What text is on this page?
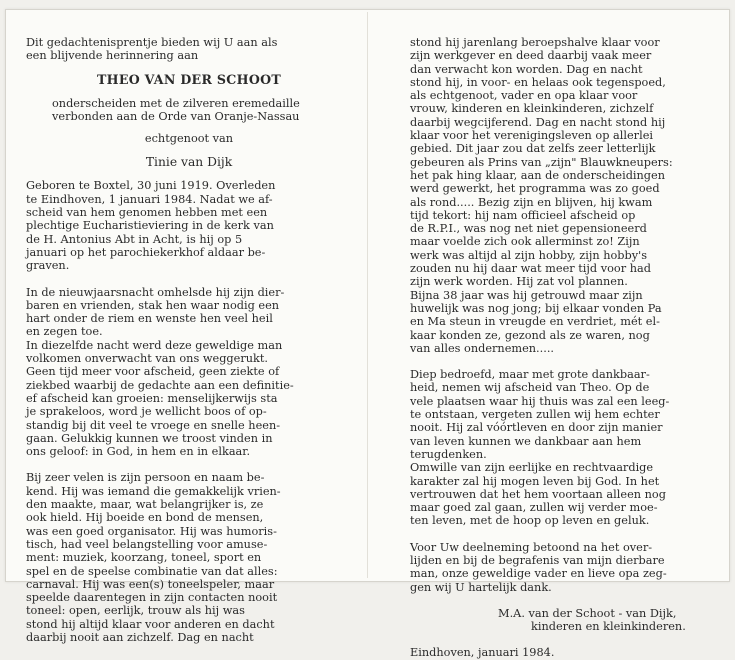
Dit gedachtenisprentje bieden wij U aan als
een blijvende herinnering aan
THEO VAN DER SCHOOT
onderscheiden met de zilveren eremedaille
verbonden aan de Orde van Oranje-Nassau
echtgenoot van
Tinie van Dijk
Geboren te Boxtel, 30 juni 1919. Overleden
te Eindhoven, 1 januari 1984. Nadat we af-
scheid van hem genomen hebben met een
plechtige Eucharistieviering in de kerk van
de H. Antonius Abt in Acht, is hij op 5
januari op het parochiekerkhof aldaar be-
graven.
In de nieuwjaarsnacht omhelsde hij zijn dier-
baren en vrienden, stak hen waar nodig een
hart onder de riem en wenste hen veel heil
en zegen toe.
In diezelfde nacht werd deze geweldige man
volkomen onverwacht van ons weggerukt.
Geen tijd meer voor afscheid, geen ziekte of
ziekbed waarbij de gedachte aan een definitie-
ef afscheid kan groeien: menselijkerwijs sta
je sprakeloos, word je wellicht boos of op-
standig bij dit veel te vroege en snelle heen-
gaan. Gelukkig kunnen we troost vinden in
ons geloof: in God, in hem en in elkaar.
Bij zeer velen is zijn persoon en naam be-
kend. Hij was iemand die gemakkelijk vrien-
den maakte, maar, wat belangrijker is, ze
ook hield. Hij boeide en bond de mensen,
was een goed organisator. Hij was humoris-
tisch, had veel belangstelling voor amuse-
ment: muziek, koorzang, toneel, sport en
spel en de speelse combinatie van dat alles:
carnaval. Hij was een(s) toneelspeler, maar
speelde daarentegen in zijn contacten nooit
toneel: open, eerlijk, trouw als hij was
stond hij altijd klaar voor anderen en dacht
daarbij nooit aan zichzelf. Dag en nacht
stond hij jarenlang beroepshalve klaar voor
zijn werkgever en deed daarbij vaak meer
dan verwacht kon worden. Dag en nacht
stond hij, in voor- en helaas ook tegenspoed,
als echtgenoot, vader en opa klaar voor
vrouw, kinderen en kleinkinderen, zichzelf
daarbij wegcijferend. Dag en nacht stond hij
klaar voor het verenigingsleven op allerlei
gebied. Dit jaar zou dat zelfs zeer letterlijk
gebeuren als Prins van „zijn" Blauwkneupers:
het pak hing klaar, aan de onderscheidingen
werd gewerkt, het programma was zo goed
als rond..... Bezig zijn en blijven, hij kwam
tijd tekort: hij nam officieel afscheid op
de R.P.I., was nog net niet gepensioneerd
maar voelde zich ook allerminst zo! Zijn
werk was altijd al zijn hobby, zijn hobby's
zouden nu hij daar wat meer tijd voor had
zijn werk worden. Hij zat vol plannen.
Bijna 38 jaar was hij getrouwd maar zijn
huwelijk was nog jong; bij elkaar vonden Pa
en Ma steun in vreugde en verdriet, mét el-
kaar konden ze, gezond als ze waren, nog
van alles ondernemen.....
Diep bedroefd, maar met grote dankbaar-
heid, nemen wij afscheid van Theo. Op de
vele plaatsen waar hij thuis was zal een leeg-
te ontstaan, vergeten zullen wij hem echter
nooit. Hij zal vóórtleven en door zijn manier
van leven kunnen we dankbaar aan hem
terugdenken.
Omwille van zijn eerlijke en rechtvaardige
karakter zal hij mogen leven bij God. In het
vertrouwen dat het hem voortaan alleen nog
maar goed zal gaan, zullen wij verder moe-
ten leven, met de hoop op leven en geluk.
Voor Uw deelneming betoond na het over-
lijden en bij de begrafenis van mijn dierbare
man, onze geweldige vader en lieve opa zeg-
gen wij U hartelijk dank.
M.A. van der Schoot - van Dijk,
kinderen en kleinkinderen.
Eindhoven, januari 1984.
